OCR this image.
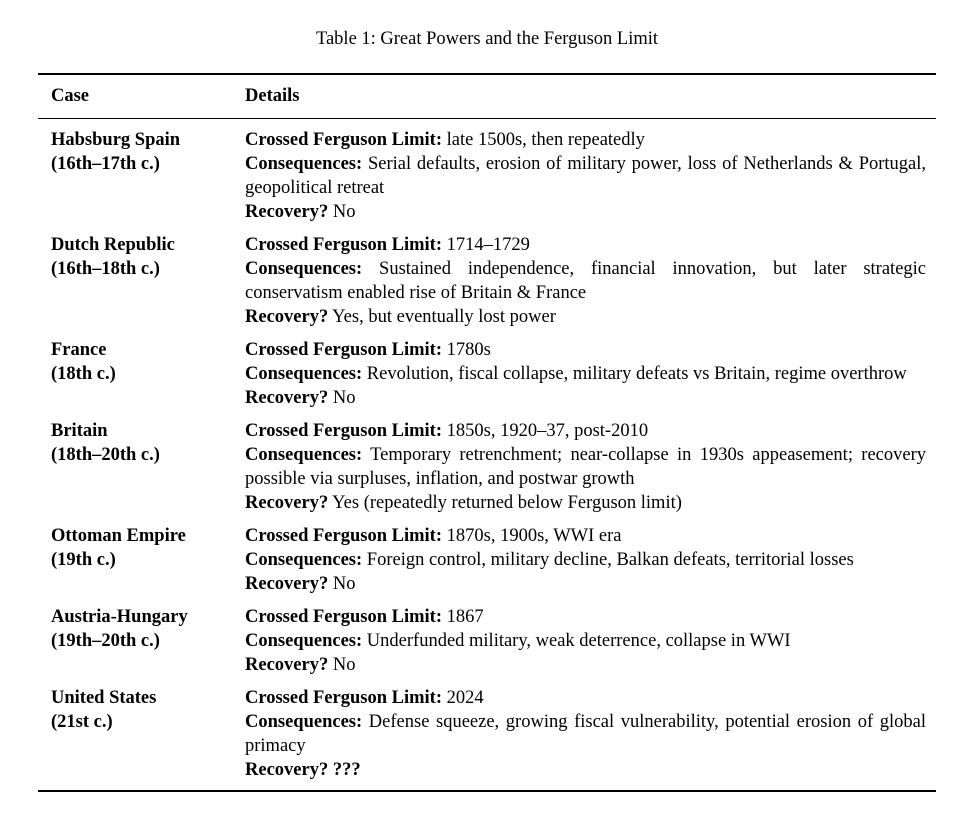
Table 1: Great Powers and the Ferguson Limit
Case	Details
Habsburg Spain
(16th–17th c.)
Crossed Ferguson Limit: late 1500s, then repeatedly
Consequences: Serial defaults, erosion of military power, loss of Netherlands & Portugal, geopolitical retreat
Recovery? No
Dutch Republic
(16th–18th c.)
Crossed Ferguson Limit: 1714–1729
Consequences: Sustained independence, financial innovation, but later strategic conservatism enabled rise of Britain & France
Recovery? Yes, but eventually lost power
France
(18th c.)
Crossed Ferguson Limit: 1780s
Consequences: Revolution, fiscal collapse, military defeats vs Britain, regime overthrow
Recovery? No
Britain
(18th–20th c.)
Crossed Ferguson Limit: 1850s, 1920–37, post-2010
Consequences: Temporary retrenchment; near-collapse in 1930s appeasement; recovery possible via surpluses, inflation, and postwar growth
Recovery? Yes (repeatedly returned below Ferguson limit)
Ottoman Empire
(19th c.)
Crossed Ferguson Limit: 1870s, 1900s, WWI era
Consequences: Foreign control, military decline, Balkan defeats, territorial losses
Recovery? No
Austria-Hungary
(19th–20th c.)
Crossed Ferguson Limit: 1867
Consequences: Underfunded military, weak deterrence, collapse in WWI
Recovery? No
United States
(21st c.)
Crossed Ferguson Limit: 2024
Consequences: Defense squeeze, growing fiscal vulnerability, potential erosion of global primacy
Recovery? ???
